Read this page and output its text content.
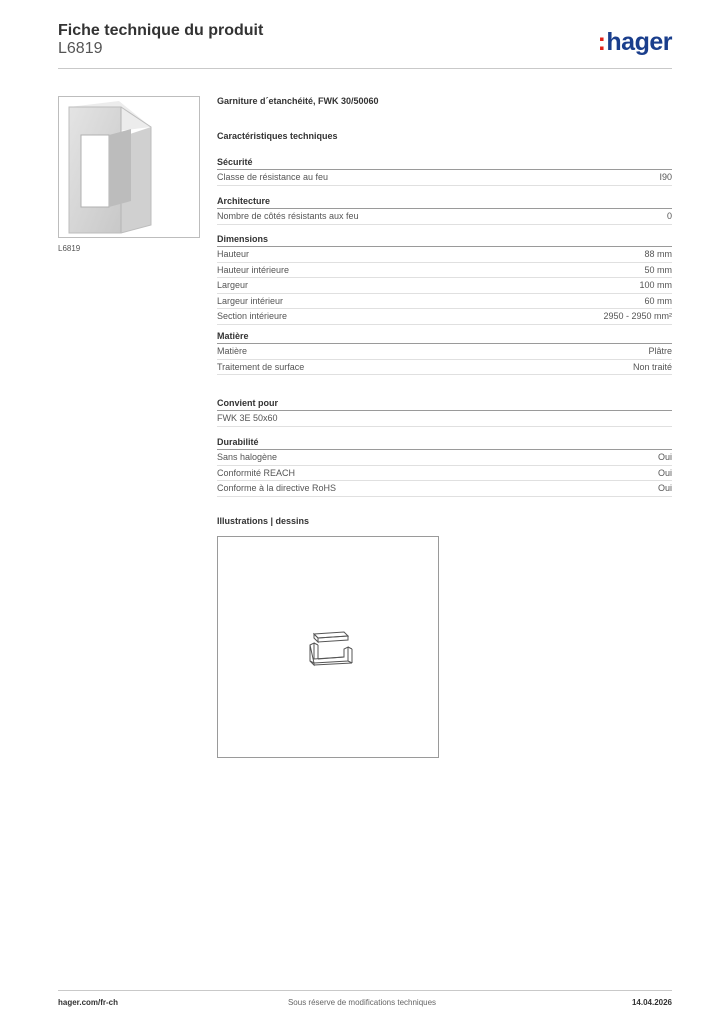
Fiche technique du produit
L6819	:hager
L6819
Garniture d´etanchéité, FWK 30/50060
Caractéristiques techniques
Sécurité
Classe de résistance au feu	I90
Architecture
Nombre de côtés résistants aux feu	0
Dimensions
Hauteur	88 mm
Hauteur intérieure	50 mm
Largeur	100 mm
Largeur intérieur	60 mm
Section intérieure	2950 - 2950 mm²
Matière
Matière	Plâtre
Traitement de surface	Non traité
Convient pour
FWK 3E 50x60
Durabilité
Sans halogène	Oui
Conformité REACH	Oui
Conforme à la directive RoHS	Oui
Illustrations | dessins
hager.com/fr-ch	Sous réserve de modifications techniques	14.04.2026
